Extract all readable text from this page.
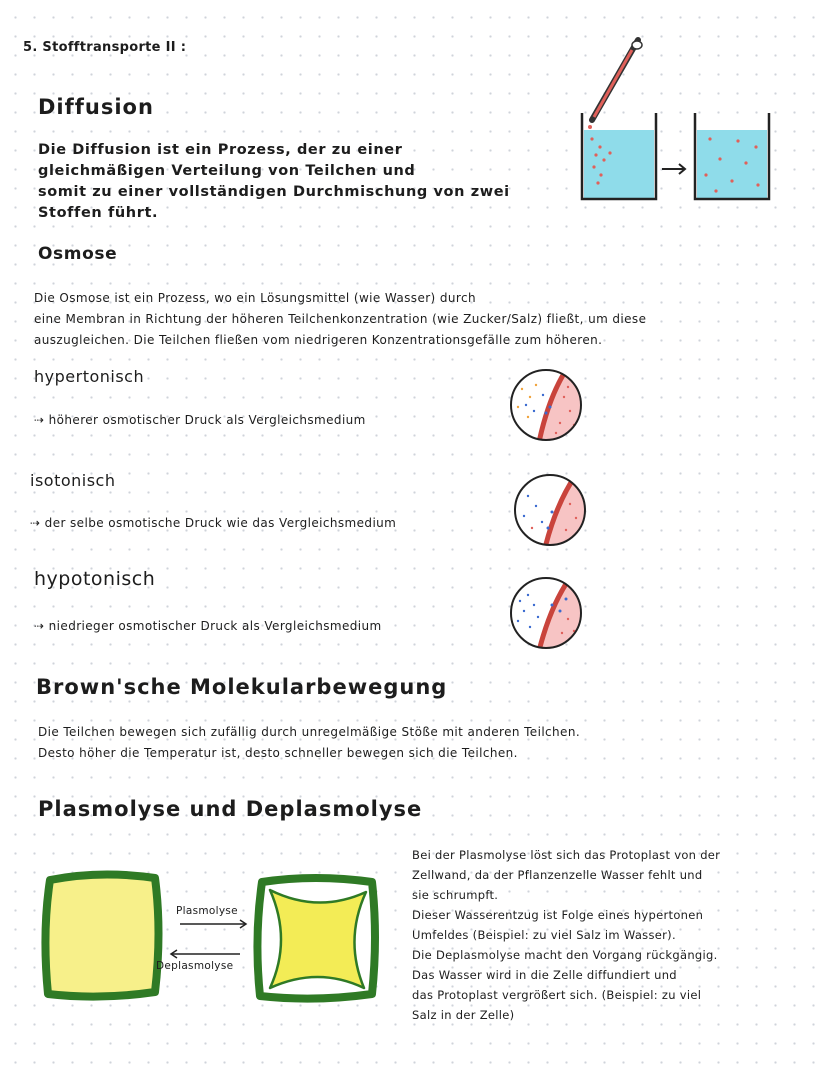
5. Stofftransporte II :
Diffusion
Die Diffusion ist ein Prozess, der zu einer
gleichmäßigen Verteilung von Teilchen und
somit zu einer vollständigen Durchmischung von zwei
Stoffen führt.
Osmose
Die Osmose ist ein Prozess, wo ein Lösungsmittel (wie Wasser) durch
eine Membran in Richtung der höheren Teilchenkonzentration (wie Zucker/Salz) fließt, um diese
auszugleichen. Die Teilchen fließen vom niedrigeren Konzentrationsgefälle zum höheren.
hypertonisch
⇢ höherer osmotischer Druck als Vergleichsmedium
isotonisch
⇢ der selbe osmotische Druck wie das Vergleichsmedium
hypotonisch
⇢ niedrieger osmotischer Druck als Vergleichsmedium
Brown'sche Molekularbewegung
Die Teilchen bewegen sich zufällig durch unregelmäßige Stöße mit anderen Teilchen.
Desto höher die Temperatur ist, desto schneller bewegen sich die Teilchen.
Plasmolyse und Deplasmolyse
Plasmolyse
Deplasmolyse
Bei der Plasmolyse löst sich das Protoplast von der
Zellwand, da der Pflanzenzelle Wasser fehlt und
sie schrumpft.
Dieser Wasserentzug ist Folge eines hypertonen
Umfeldes (Beispiel: zu viel Salz im Wasser).
Die Deplasmolyse macht den Vorgang rückgängig.
Das Wasser wird in die Zelle diffundiert und
das Protoplast vergrößert sich. (Beispiel: zu viel
Salz in der Zelle)
